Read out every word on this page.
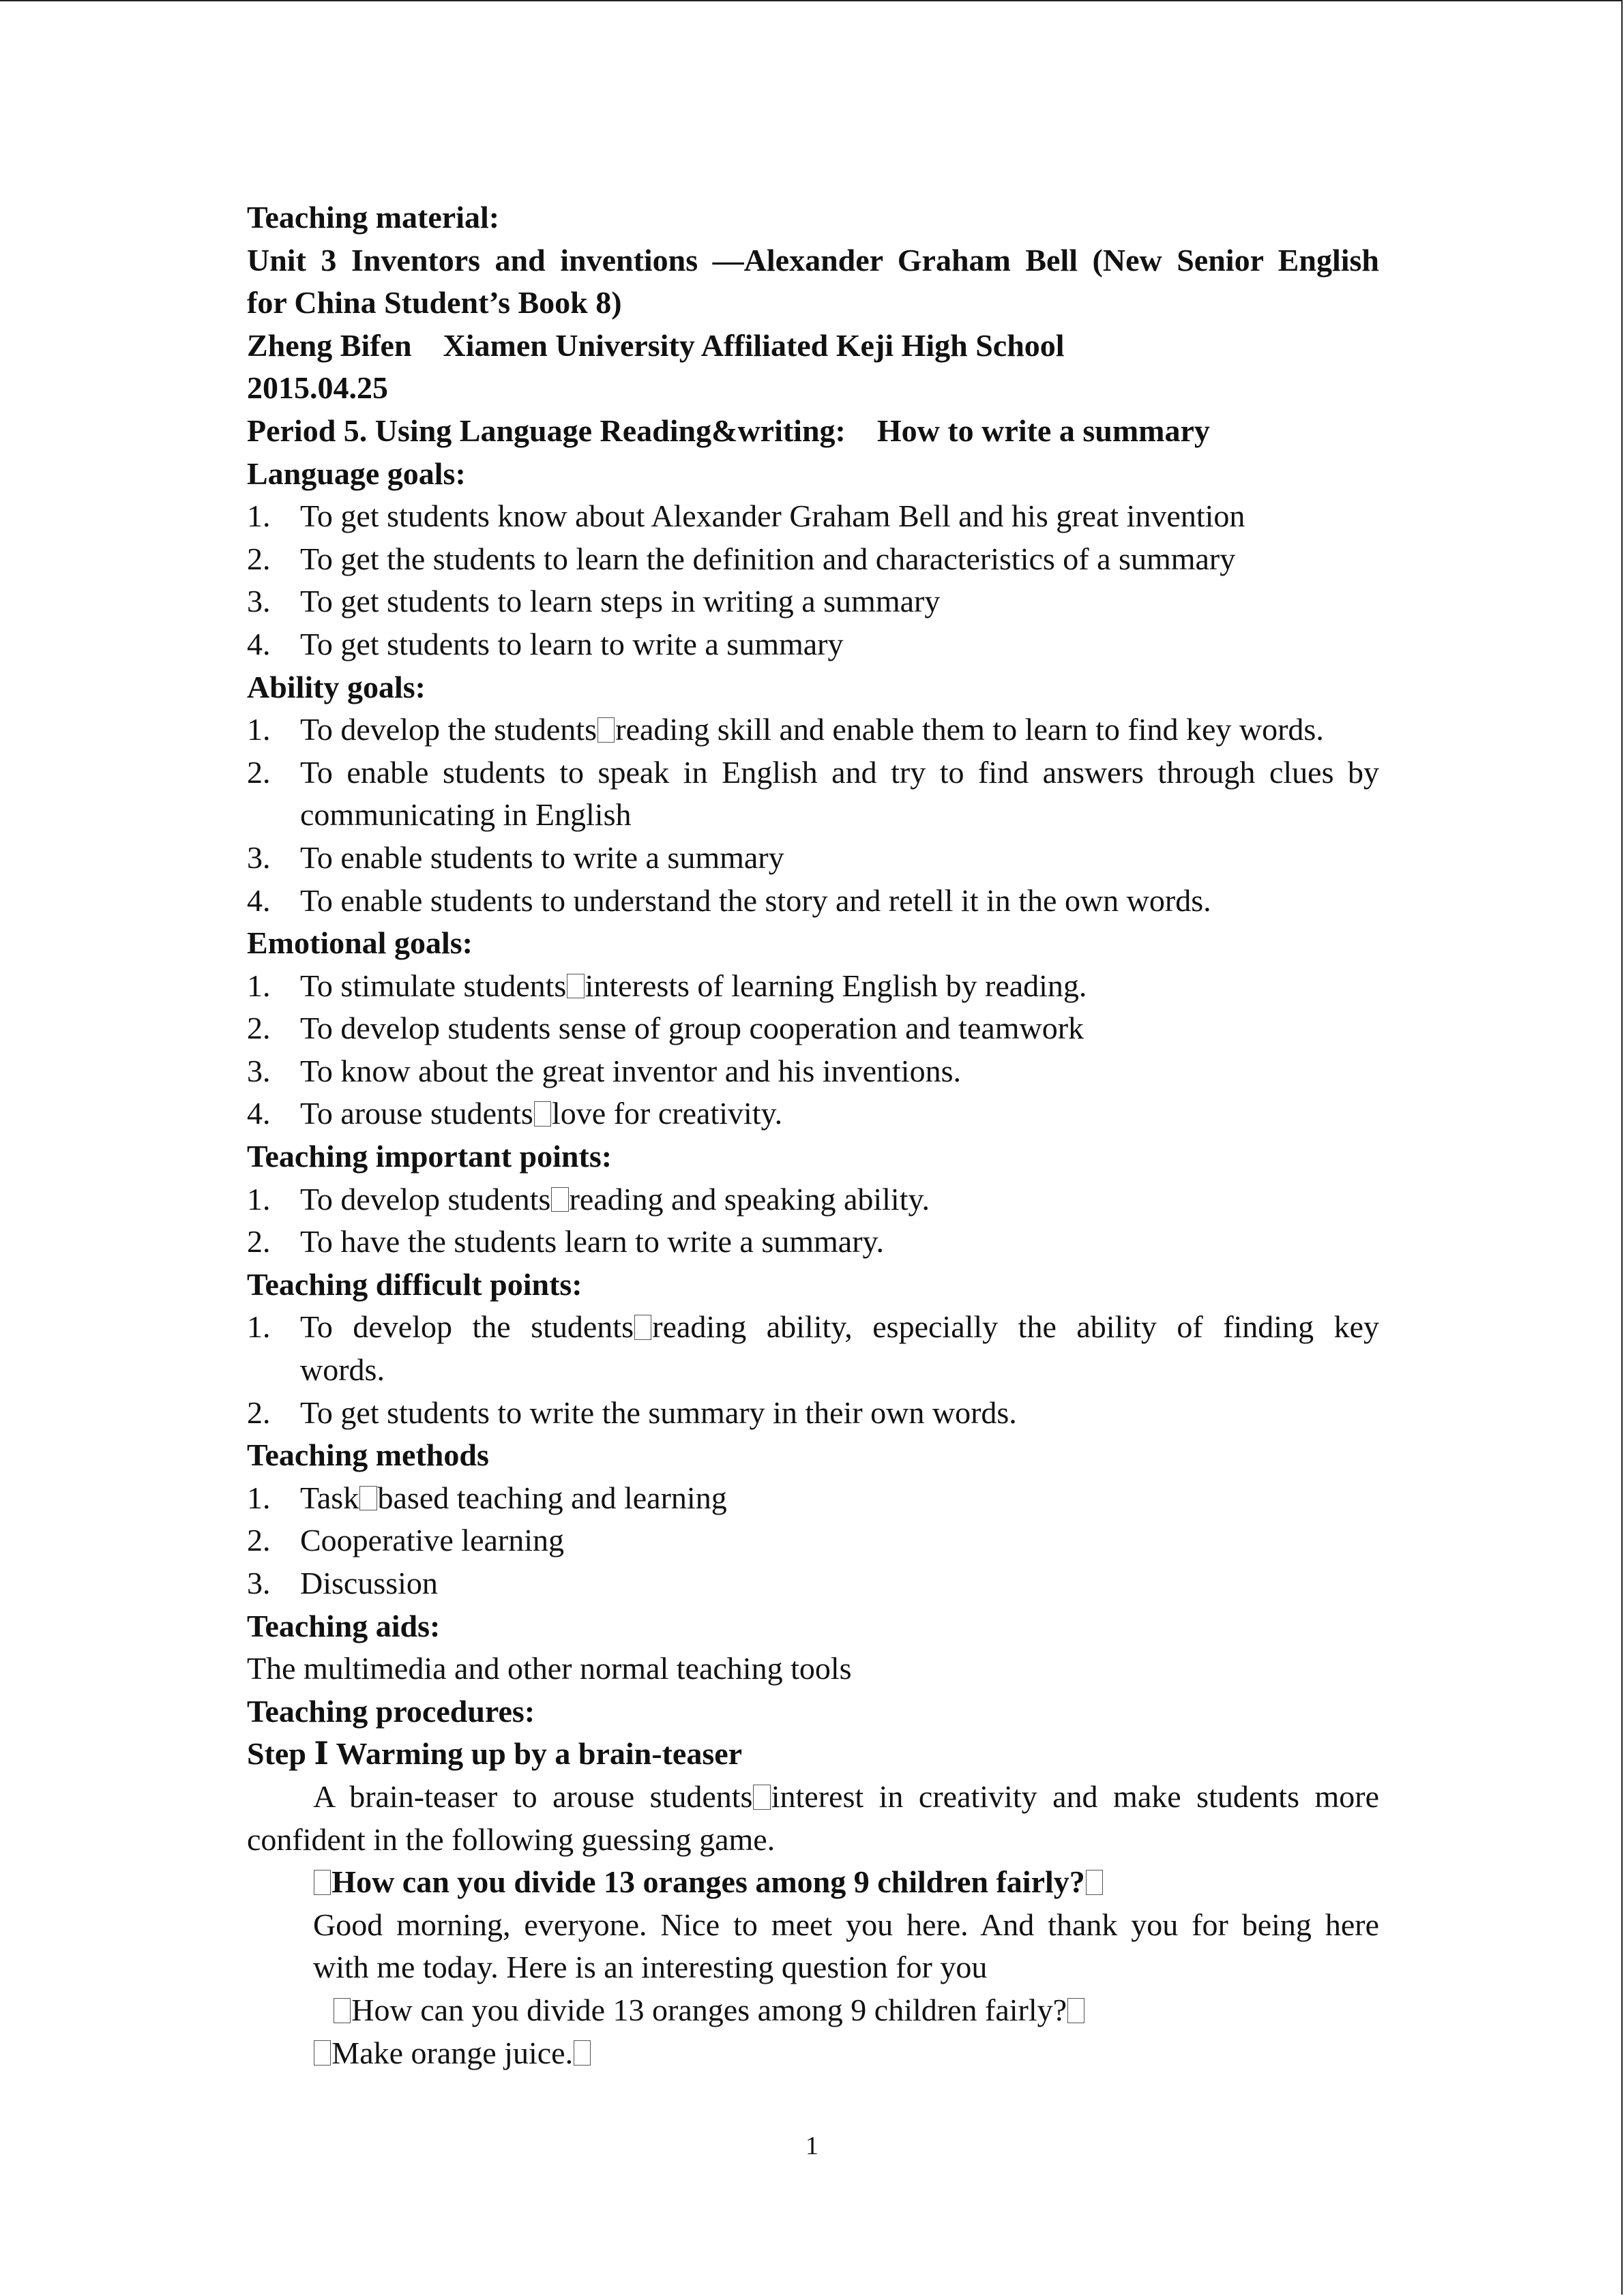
Teaching material:
Unit 3 Inventors and inventions —Alexander Graham Bell (New Senior English
for China Student’s Book 8)
Zheng Bifen    Xiamen University Affiliated Keji High School
2015.04.25
Period 5. Using Language Reading&writing:    How to write a summary
Language goals:
1. To get students know about Alexander Graham Bell and his great invention
2. To get the students to learn the definition and characteristics of a summary
3. To get students to learn steps in writing a summary
4. To get students to learn to write a summary
Ability goals:
1. To develop the students reading skill and enable them to learn to find key words.
2. To enable students to speak in English and try to find answers through clues by
communicating in English
3. To enable students to write a summary
4. To enable students to understand the story and retell it in the own words.
Emotional goals:
1. To stimulate students interests of learning English by reading.
2. To develop students sense of group cooperation and teamwork
3. To know about the great inventor and his inventions.
4. To arouse students love for creativity.
Teaching important points:
1. To develop students reading and speaking ability.
2. To have the students learn to write a summary.
Teaching difficult points:
1. To develop the students reading ability, especially the ability of finding key
words.
2. To get students to write the summary in their own words.
Teaching methods
1. Task based teaching and learning
2. Cooperative learning
3. Discussion
Teaching aids:
The multimedia and other normal teaching tools
Teaching procedures:
Step Ⅰ Warming up by a brain-teaser
A brain-teaser to arouse students interest in creativity and make students more confident in the following guessing game.
How can you divide 13 oranges among 9 children fairly?
Good morning, everyone. Nice to meet you here. And thank you for being here
with me today. Here is an interesting question for you
How can you divide 13 oranges among 9 children fairly?
Make orange juice.
1
